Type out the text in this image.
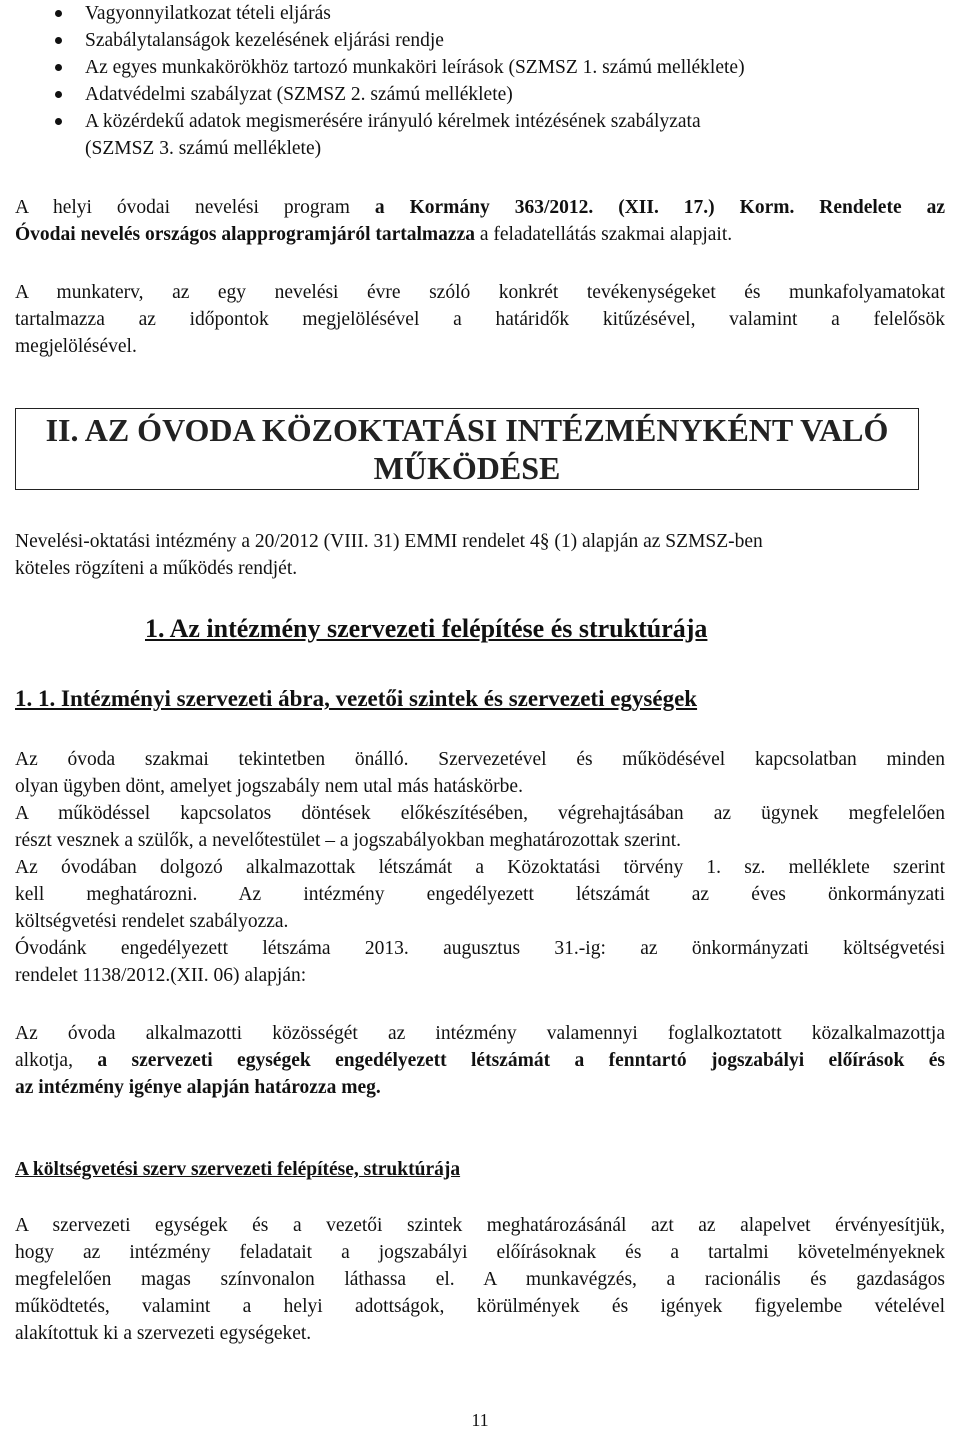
Vagyonnyilatkozat tételi eljárás
Szabálytalanságok kezelésének eljárási rendje
Az egyes munkakörökhöz tartozó munkaköri leírások (SZMSZ 1. számú melléklete)
Adatvédelmi szabályzat (SZMSZ 2. számú melléklete)
A közérdekű adatok megismerésére irányuló kérelmek intézésének szabályzata
(SZMSZ 3. számú melléklete)
A helyi óvodai nevelési program a Kormány 363/2012. (XII. 17.) Korm. Rendelete az
Óvodai nevelés országos alapprogramjáról tartalmazza a feladatellátás szakmai alapjait.
A munkaterv, az egy nevelési évre szóló konkrét tevékenységeket és munkafolyamatokat
tartalmazza az időpontok megjelölésével a határidők kitűzésével, valamint a felelősök
megjelölésével.
II. AZ ÓVODA KÖZOKTATÁSI INTÉZMÉNYKÉNT VALÓ
MŰKÖDÉSE
Nevelési-oktatási intézmény a 20/2012 (VIII. 31) EMMI rendelet 4§ (1) alapján az SZMSZ-ben
köteles rögzíteni a működés rendjét.
1. Az intézmény szervezeti felépítése és struktúrája
1. 1. Intézményi szervezeti ábra, vezetői szintek és szervezeti egységek
Az óvoda szakmai tekintetben önálló. Szervezetével és működésével kapcsolatban minden
olyan ügyben dönt, amelyet jogszabály nem utal más hatáskörbe.
A működéssel kapcsolatos döntések előkészítésében, végrehajtásában az ügynek megfelelően
részt vesznek a szülők, a nevelőtestület – a jogszabályokban meghatározottak szerint.
Az óvodában dolgozó alkalmazottak létszámát a Közoktatási törvény 1. sz. melléklete szerint
kell meghatározni. Az intézmény engedélyezett létszámát az éves önkormányzati
költségvetési rendelet szabályozza.
Óvodánk engedélyezett létszáma 2013. augusztus 31.-ig: az önkormányzati költségvetési
rendelet 1138/2012.(XII. 06) alapján:
Az óvoda alkalmazotti közösségét az intézmény valamennyi foglalkoztatott közalkalmazottja
alkotja, a szervezeti egységek engedélyezett létszámát a fenntartó jogszabályi előírások és
az intézmény igénye alapján határozza meg.
A költségvetési szerv szervezeti felépítése, struktúrája
A szervezeti egységek és a vezetői szintek meghatározásánál azt az alapelvet érvényesítjük,
hogy az intézmény feladatait a jogszabályi előírásoknak és a tartalmi követelményeknek
megfelelően magas színvonalon láthassa el. A munkavégzés, a racionális és gazdaságos
működtetés, valamint a helyi adottságok, körülmények és igények figyelembe vételével
alakítottuk ki a szervezeti egységeket.
11
